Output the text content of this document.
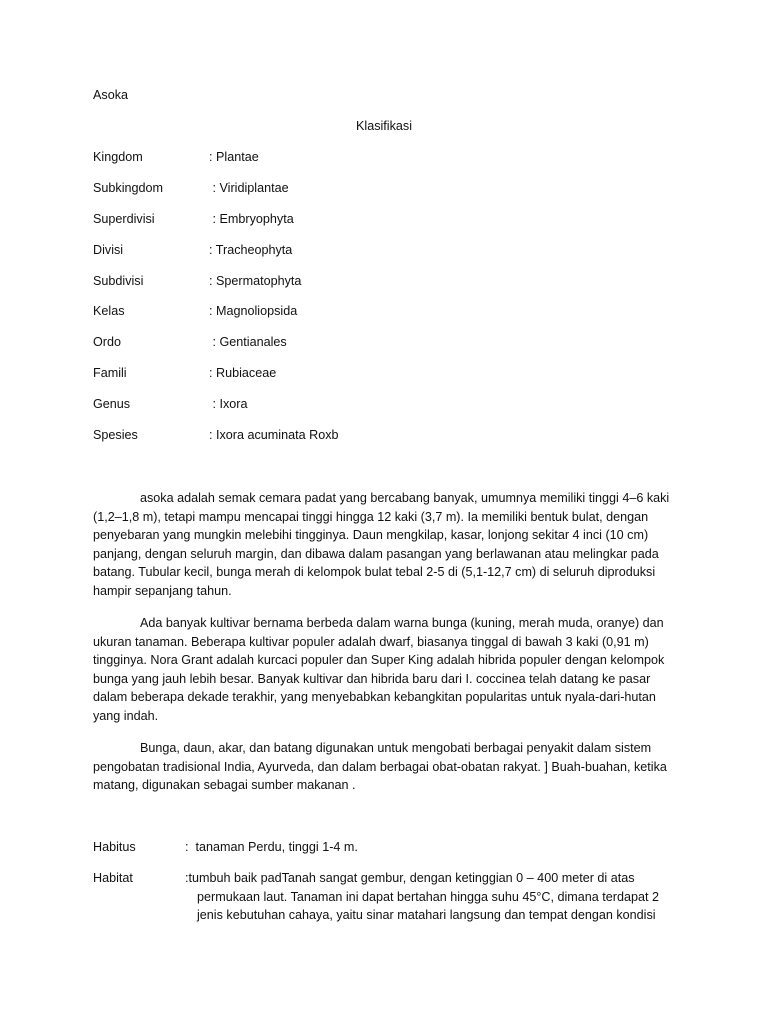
Asoka
Klasifikasi
Kingdom	: Plantae
Subkingdom	: Viridiplantae
Superdivisi	: Embryophyta
Divisi	: Tracheophyta
Subdivisi	: Spermatophyta
Kelas	: Magnoliopsida
Ordo	: Gentianales
Famili	: Rubiaceae
Genus	: Ixora
Spesies	: Ixora acuminata Roxb

asoka adalah semak cemara padat yang bercabang banyak, umumnya memiliki tinggi 4–6 kaki (1,2–1,8 m), tetapi mampu mencapai tinggi hingga 12 kaki (3,7 m). Ia memiliki bentuk bulat, dengan penyebaran yang mungkin melebihi tingginya. Daun mengkilap, kasar, lonjong sekitar 4 inci (10 cm) panjang, dengan seluruh margin, dan dibawa dalam pasangan yang berlawanan atau melingkar pada batang. Tubular kecil, bunga merah di kelompok bulat tebal 2-5 di (5,1-12,7 cm) di seluruh diproduksi hampir sepanjang tahun.

Ada banyak kultivar bernama berbeda dalam warna bunga (kuning, merah muda, oranye) dan ukuran tanaman. Beberapa kultivar populer adalah dwarf, biasanya tinggal di bawah 3 kaki (0,91 m) tingginya. Nora Grant adalah kurcaci populer dan Super King adalah hibrida populer dengan kelompok bunga yang jauh lebih besar. Banyak kultivar dan hibrida baru dari I. coccinea telah datang ke pasar dalam beberapa dekade terakhir, yang menyebabkan kebangkitan popularitas untuk nyala-dari-hutan yang indah.

Bunga, daun, akar, dan batang digunakan untuk mengobati berbagai penyakit dalam sistem pengobatan tradisional India, Ayurveda, dan dalam berbagai obat-obatan rakyat. ] Buah-buahan, ketika matang, digunakan sebagai sumber makanan .

Habitus	:  tanaman Perdu, tinggi 1-4 m.
Habitat	:tumbuh baik padTanah sangat gembur, dengan ketinggian 0 – 400 meter di atas permukaan laut. Tanaman ini dapat bertahan hingga suhu 45°C, dimana terdapat 2 jenis kebutuhan cahaya, yaitu sinar matahari langsung dan tempat dengan kondisi
